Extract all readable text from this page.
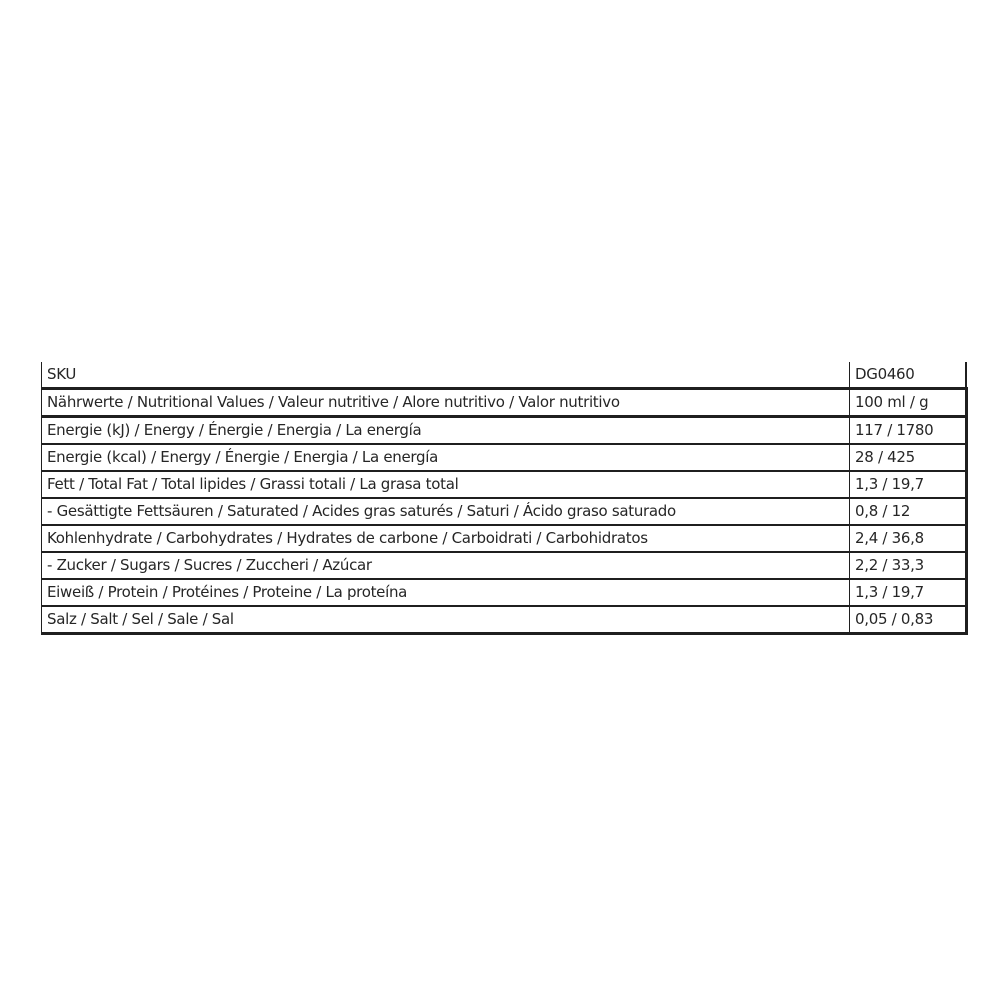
SKU	DG0460
Nährwerte / Nutritional Values / Valeur nutritive / Alore nutritivo / Valor nutritivo	100 ml / g
Energie (kJ) / Energy / Énergie / Energia / La energía	117 / 1780
Energie (kcal) / Energy / Énergie / Energia / La energía	28 / 425
Fett / Total Fat / Total lipides / Grassi totali / La grasa total	1,3 / 19,7
- Gesättigte Fettsäuren / Saturated / Acides gras saturés / Saturi / Ácido graso saturado	0,8 / 12
Kohlenhydrate / Carbohydrates / Hydrates de carbone / Carboidrati / Carbohidratos	2,4 / 36,8
- Zucker / Sugars / Sucres / Zuccheri / Azúcar	2,2 / 33,3
Eiweiß / Protein / Protéines / Proteine / La proteína	1,3 / 19,7
Salz / Salt / Sel / Sale / Sal	0,05 / 0,83
